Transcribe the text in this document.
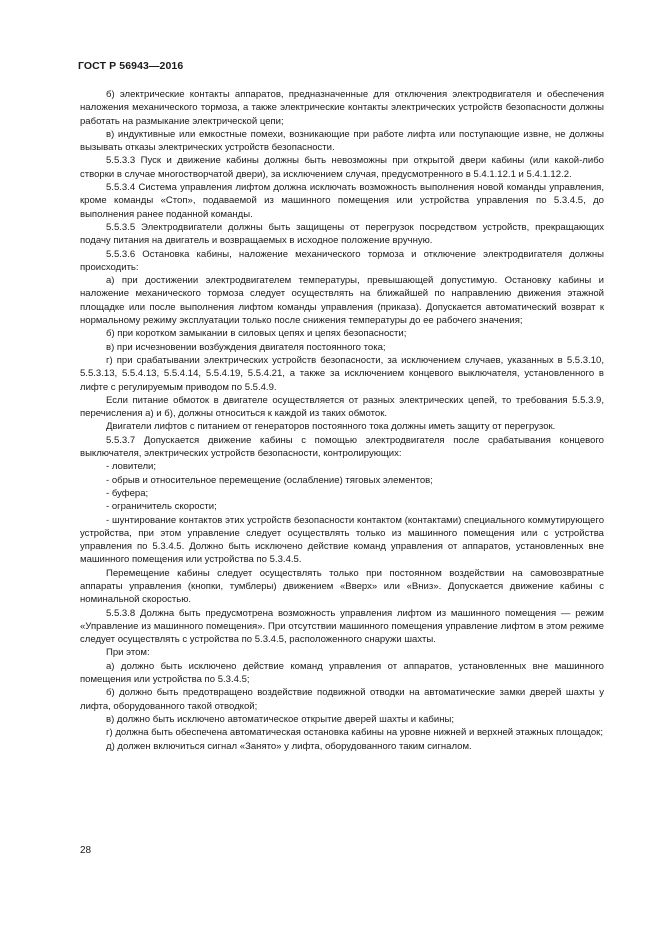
ГОСТ Р 56943—2016

б) электрические контакты аппаратов, предназначенные для отключения электродвигателя и обеспечения наложения механического тормоза, а также электрические контакты электрических устройств безопасности должны работать на размыкание электрической цепи;

в) индуктивные или емкостные помехи, возникающие при работе лифта или поступающие извне, не должны вызывать отказы электрических устройств безопасности.

5.5.3.3 Пуск и движение кабины должны быть невозможны при открытой двери кабины (или какой-либо створки в случае многостворчатой двери), за исключением случая, предусмотренного в 5.4.1.12.1 и 5.4.1.12.2.

5.5.3.4 Система управления лифтом должна исключать возможность выполнения новой команды управления, кроме команды «Стоп», подаваемой из машинного помещения или устройства управления по 5.3.4.5, до выполнения ранее поданной команды.

5.5.3.5 Электродвигатели должны быть защищены от перегрузок посредством устройств, прекращающих подачу питания на двигатель и возвращаемых в исходное положение вручную.

5.5.3.6 Остановка кабины, наложение механического тормоза и отключение электродвигателя должны происходить:

а) при достижении электродвигателем температуры, превышающей допустимую. Остановку кабины и наложение механического тормоза следует осуществлять на ближайшей по направлению движения этажной площадке или после выполнения лифтом команды управления (приказа). Допускается автоматический возврат к нормальному режиму эксплуатации только после снижения температуры до ее рабочего значения;

б) при коротком замыкании в силовых цепях и цепях безопасности;

в) при исчезновении возбуждения двигателя постоянного тока;

г) при срабатывании электрических устройств безопасности, за исключением случаев, указанных в 5.5.3.10, 5.5.3.13, 5.5.4.13, 5.5.4.14, 5.5.4.19, 5.5.4.21, а также за исключением концевого выключателя, установленного в лифте с регулируемым приводом по 5.5.4.9.

Если питание обмоток в двигателе осуществляется от разных электрических цепей, то требования 5.5.3.9, перечисления а) и б), должны относиться к каждой из таких обмоток.

Двигатели лифтов с питанием от генераторов постоянного тока должны иметь защиту от перегрузок.

5.5.3.7 Допускается движение кабины с помощью электродвигателя после срабатывания концевого выключателя, электрических устройств безопасности, контролирующих:

- ловители;

- обрыв и относительное перемещение (ослабление) тяговых элементов;

- буфера;

- ограничитель скорости;

- шунтирование контактов этих устройств безопасности контактом (контактами) специального коммутирующего устройства, при этом управление следует осуществлять только из машинного помещения или с устройства управления по 5.3.4.5. Должно быть исключено действие команд управления от аппаратов, установленных вне машинного помещения или устройства по 5.3.4.5.

Перемещение кабины следует осуществлять только при постоянном воздействии на самовозвратные аппараты управления (кнопки, тумблеры) движением «Вверх» или «Вниз». Допускается движение кабины с номинальной скоростью.

5.5.3.8 Должна быть предусмотрена возможность управления лифтом из машинного помещения — режим «Управление из машинного помещения». При отсутствии машинного помещения управление лифтом в этом режиме следует осуществлять с устройства по 5.3.4.5, расположенного снаружи шахты.

При этом:

а) должно быть исключено действие команд управления от аппаратов, установленных вне машинного помещения или устройства по 5.3.4.5;

б) должно быть предотвращено воздействие подвижной отводки на автоматические замки дверей шахты у лифта, оборудованного такой отводкой;

в) должно быть исключено автоматическое открытие дверей шахты и кабины;

г) должна быть обеспечена автоматическая остановка кабины на уровне нижней и верхней этажных площадок;

д) должен включиться сигнал «Занято» у лифта, оборудованного таким сигналом.

28
